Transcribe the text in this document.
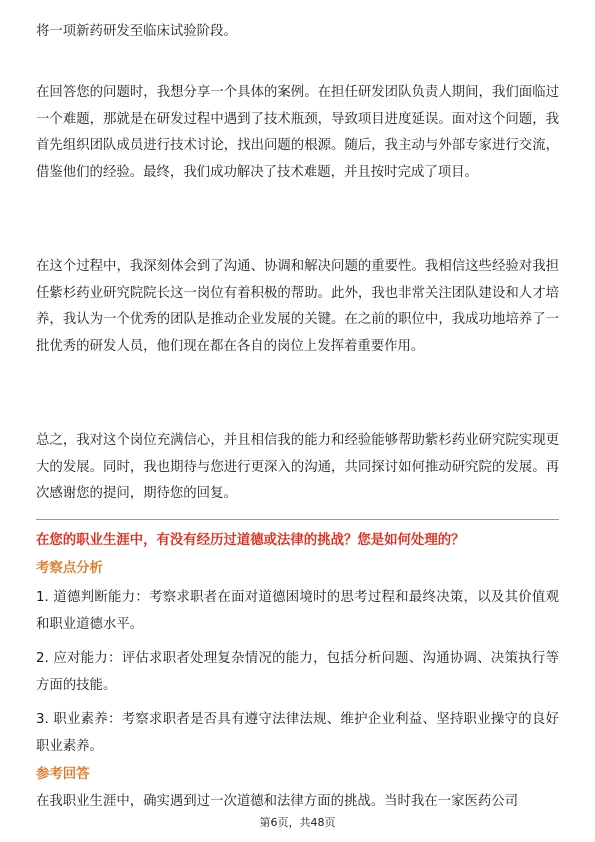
将一项新药研发至临床试验阶段。

在回答您的问题时，我想分享一个具体的案例。在担任研发团队负责人期间，我们面临过一个难题，那就是在研发过程中遇到了技术瓶颈，导致项目进度延误。面对这个问题，我首先组织团队成员进行技术讨论，找出问题的根源。随后，我主动与外部专家进行交流，借鉴他们的经验。最终，我们成功解决了技术难题，并且按时完成了项目。

在这个过程中，我深刻体会到了沟通、协调和解决问题的重要性。我相信这些经验对我担任紫杉药业研究院院长这一岗位有着积极的帮助。此外，我也非常关注团队建设和人才培养，我认为一个优秀的团队是推动企业发展的关键。在之前的职位中，我成功地培养了一批优秀的研发人员，他们现在都在各自的岗位上发挥着重要作用。

总之，我对这个岗位充满信心，并且相信我的能力和经验能够帮助紫杉药业研究院实现更大的发展。同时，我也期待与您进行更深入的沟通，共同探讨如何推动研究院的发展。再次感谢您的提问，期待您的回复。

在您的职业生涯中，有没有经历过道德或法律的挑战？您是如何处理的？

考察点分析

1. 道德判断能力：考察求职者在面对道德困境时的思考过程和最终决策，以及其价值观和职业道德水平。
2. 应对能力：评估求职者处理复杂情况的能力，包括分析问题、沟通协调、决策执行等方面的技能。
3. 职业素养：考察求职者是否具有遵守法律法规、维护企业利益、坚持职业操守的良好职业素养。

参考回答

在我职业生涯中，确实遇到过一次道德和法律方面的挑战。当时我在一家医药公司

第6页，共48页
